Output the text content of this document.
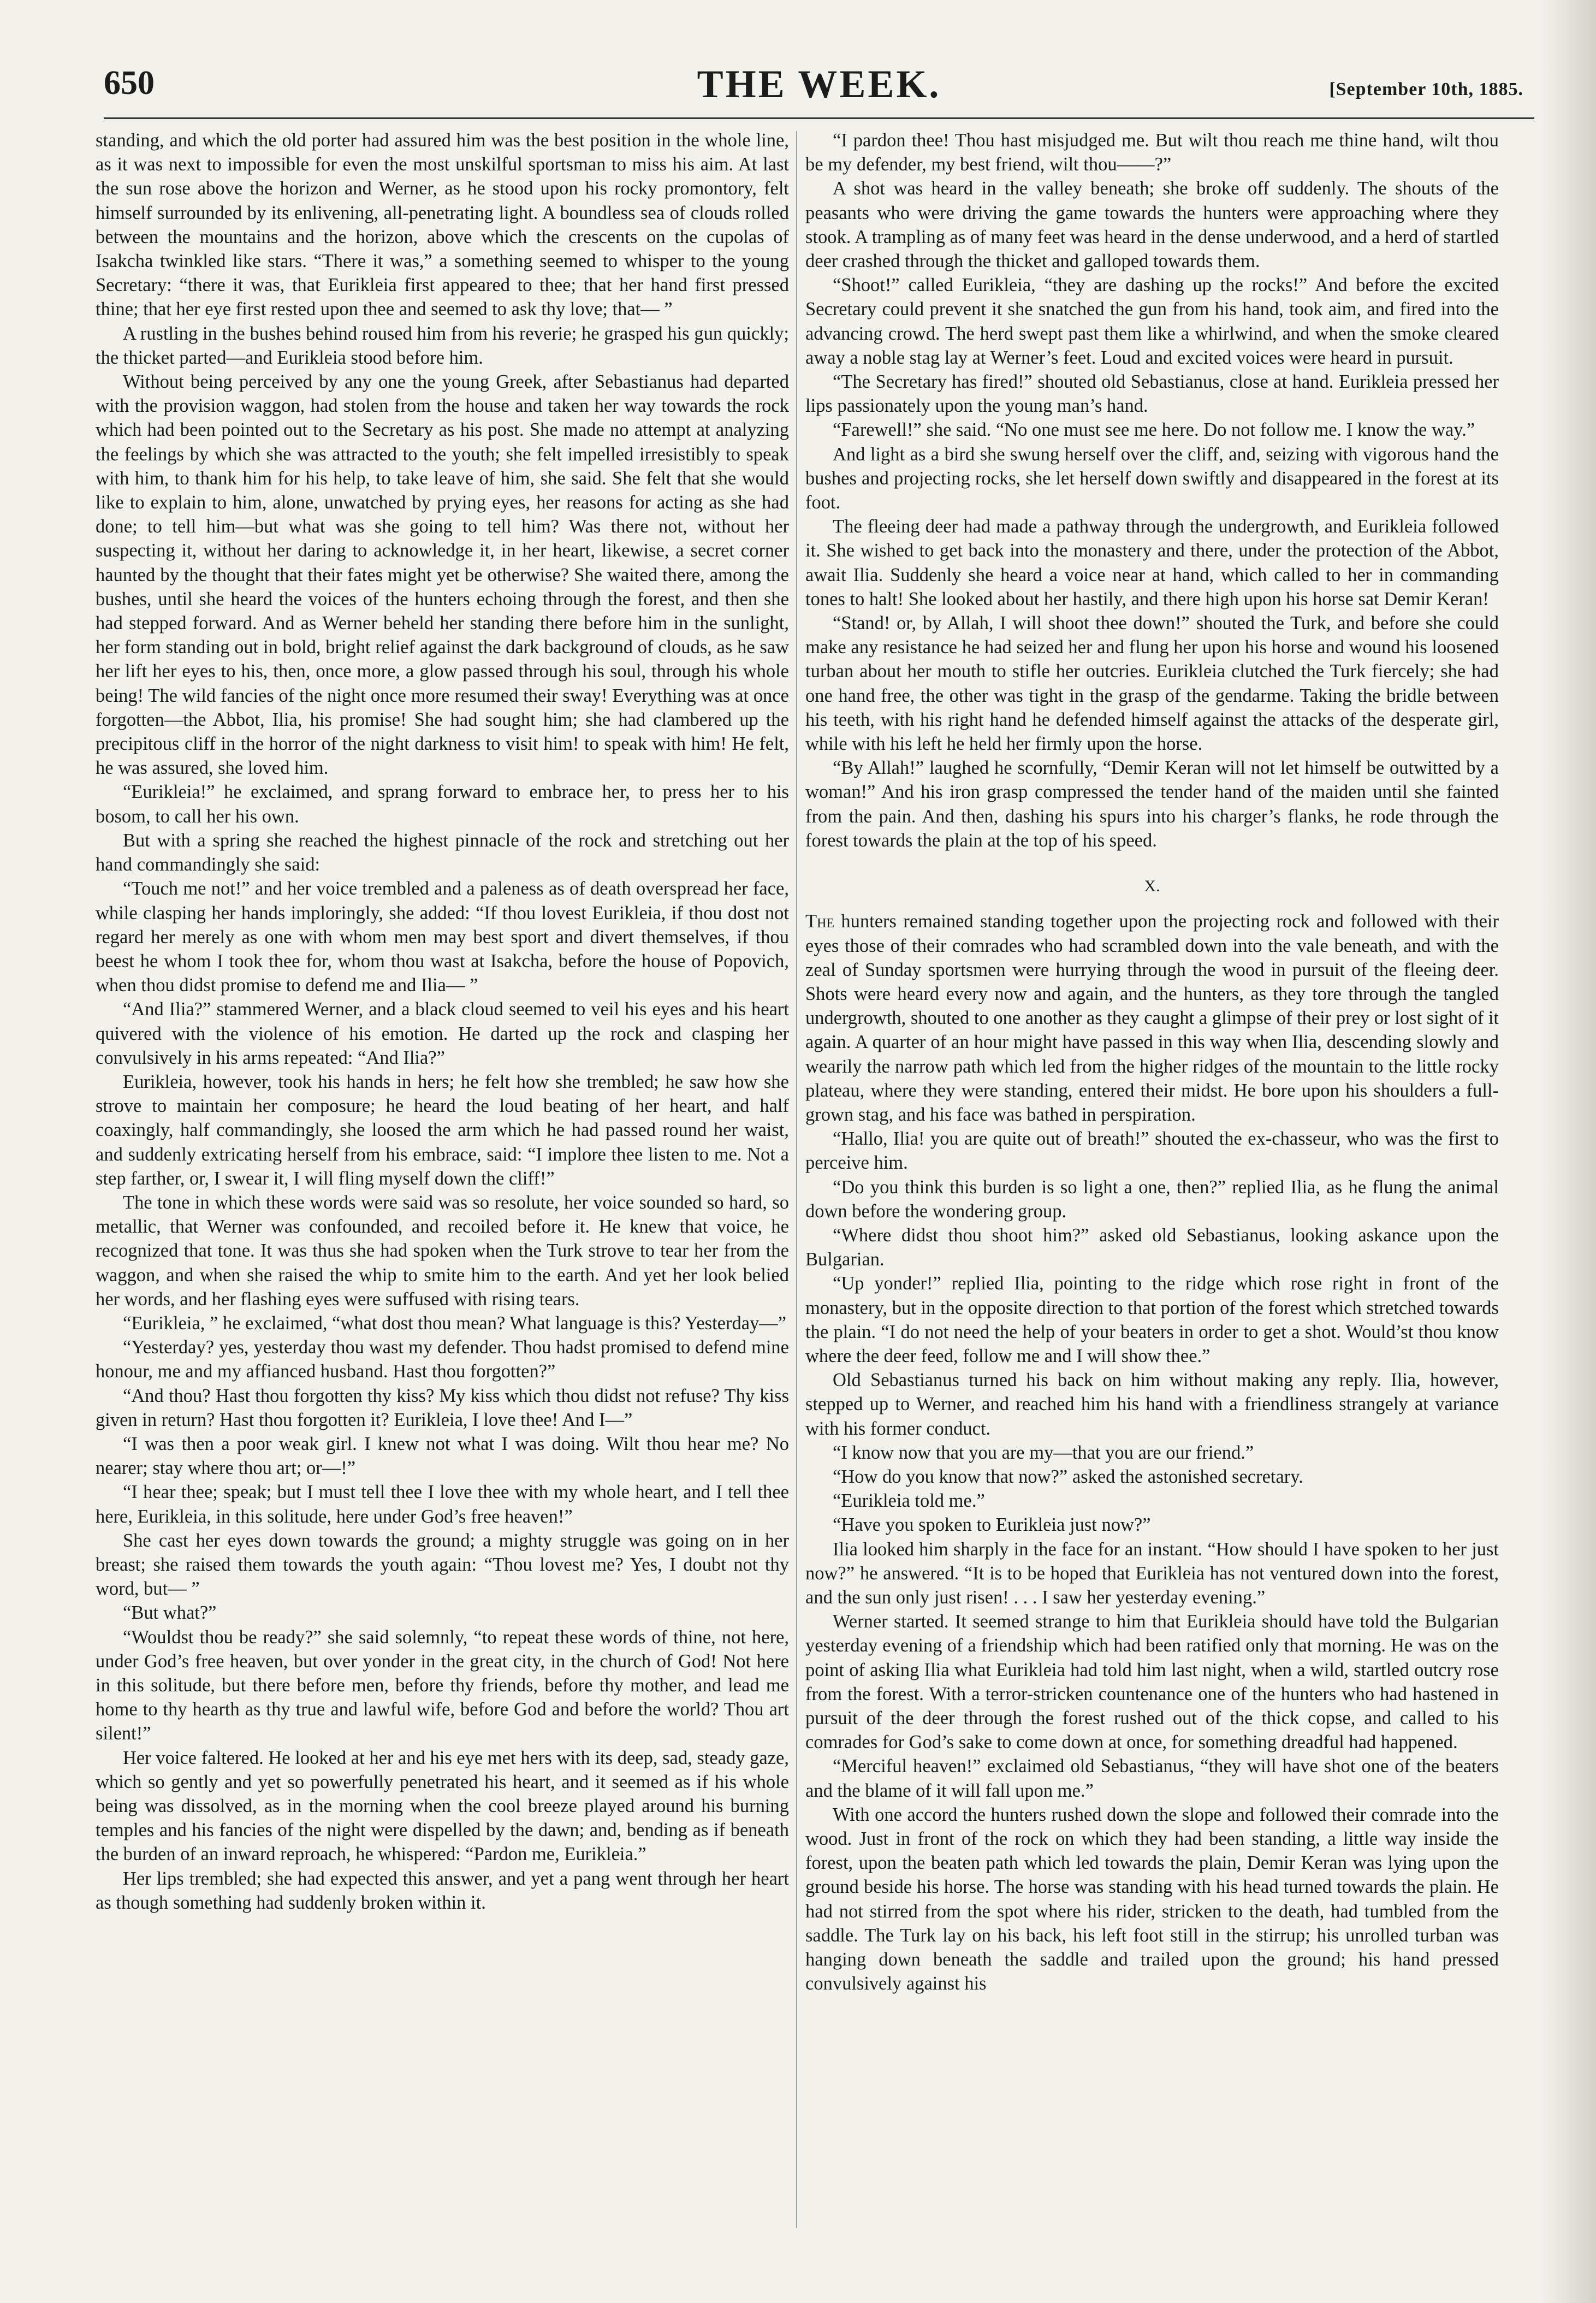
650	THE WEEK.	[September 10th, 1885.

standing, and which the old porter had assured him was the best position in the whole line, as it was next to impossible for even the most unskilful sportsman to miss his aim. At last the sun rose above the horizon and Werner, as he stood upon his rocky promontory, felt himself surrounded by its enlivening, all-penetrating light. A boundless sea of clouds rolled between the mountains and the horizon, above which the crescents on the cupolas of Isakcha twinkled like stars. “There it was,” a something seemed to whisper to the young Secretary: “there it was, that Eurikleia first appeared to thee; that her hand first pressed thine; that her eye first rested upon thee and seemed to ask thy love; that— ”

A rustling in the bushes behind roused him from his reverie; he grasped his gun quickly; the thicket parted—and Eurikleia stood before him.

Without being perceived by any one the young Greek, after Sebastianus had departed with the provision waggon, had stolen from the house and taken her way towards the rock which had been pointed out to the Secretary as his post. She made no attempt at analyzing the feelings by which she was attracted to the youth; she felt impelled irresistibly to speak with him, to thank him for his help, to take leave of him, she said. She felt that she would like to explain to him, alone, unwatched by prying eyes, her reasons for acting as she had done; to tell him—but what was she going to tell him? Was there not, without her suspecting it, without her daring to acknowledge it, in her heart, likewise, a secret corner haunted by the thought that their fates might yet be otherwise? She waited there, among the bushes, until she heard the voices of the hunters echoing through the forest, and then she had stepped forward. And as Werner beheld her standing there before him in the sunlight, her form standing out in bold, bright relief against the dark background of clouds, as he saw her lift her eyes to his, then, once more, a glow passed through his soul, through his whole being! The wild fancies of the night once more resumed their sway! Everything was at once forgotten—the Abbot, Ilia, his promise! She had sought him; she had clambered up the precipitous cliff in the horror of the night darkness to visit him! to speak with him! He felt, he was assured, she loved him.

“Eurikleia!” he exclaimed, and sprang forward to embrace her, to press her to his bosom, to call her his own.

But with a spring she reached the highest pinnacle of the rock and stretching out her hand commandingly she said:

“Touch me not!” and her voice trembled and a paleness as of death overspread her face, while clasping her hands imploringly, she added: “If thou lovest Eurikleia, if thou dost not regard her merely as one with whom men may best sport and divert themselves, if thou beest he whom I took thee for, whom thou wast at Isakcha, before the house of Popovich, when thou didst promise to defend me and Ilia— ”

“And Ilia?” stammered Werner, and a black cloud seemed to veil his eyes and his heart quivered with the violence of his emotion. He darted up the rock and clasping her convulsively in his arms repeated: “And Ilia?”

Eurikleia, however, took his hands in hers; he felt how she trembled; he saw how she strove to maintain her composure; he heard the loud beating of her heart, and half coaxingly, half commandingly, she loosed the arm which he had passed round her waist, and suddenly extricating herself from his embrace, said: “I implore thee listen to me. Not a step farther, or, I swear it, I will fling myself down the cliff!”

The tone in which these words were said was so resolute, her voice sounded so hard, so metallic, that Werner was confounded, and recoiled before it. He knew that voice, he recognized that tone. It was thus she had spoken when the Turk strove to tear her from the waggon, and when she raised the whip to smite him to the earth. And yet her look belied her words, and her flashing eyes were suffused with rising tears.

“Eurikleia, ” he exclaimed, “what dost thou mean? What language is this? Yesterday—”

“Yesterday? yes, yesterday thou wast my defender. Thou hadst promised to defend mine honour, me and my affianced husband. Hast thou forgotten?”

“And thou? Hast thou forgotten thy kiss? My kiss which thou didst not refuse? Thy kiss given in return? Hast thou forgotten it? Eurikleia, I love thee! And I—”

“I was then a poor weak girl. I knew not what I was doing. Wilt thou hear me? No nearer; stay where thou art; or—!”

“I hear thee; speak; but I must tell thee I love thee with my whole heart, and I tell thee here, Eurikleia, in this solitude, here under God’s free heaven!”

She cast her eyes down towards the ground; a mighty struggle was going on in her breast; she raised them towards the youth again: “Thou lovest me? Yes, I doubt not thy word, but— ”

“But what?”

“Wouldst thou be ready?” she said solemnly, “to repeat these words of thine, not here, under God’s free heaven, but over yonder in the great city, in the church of God! Not here in this solitude, but there before men, before thy friends, before thy mother, and lead me home to thy hearth as thy true and lawful wife, before God and before the world? Thou art silent!”

Her voice faltered. He looked at her and his eye met hers with its deep, sad, steady gaze, which so gently and yet so powerfully penetrated his heart, and it seemed as if his whole being was dissolved, as in the morning when the cool breeze played around his burning temples and his fancies of the night were dispelled by the dawn; and, bending as if beneath the burden of an inward reproach, he whispered: “Pardon me, Eurikleia.”

Her lips trembled; she had expected this answer, and yet a pang went through her heart as though something had suddenly broken within it.

“I pardon thee! Thou hast misjudged me. But wilt thou reach me thine hand, wilt thou be my defender, my best friend, wilt thou——?”

A shot was heard in the valley beneath; she broke off suddenly. The shouts of the peasants who were driving the game towards the hunters were approaching where they stook. A trampling as of many feet was heard in the dense underwood, and a herd of startled deer crashed through the thicket and galloped towards them.

“Shoot!” called Eurikleia, “they are dashing up the rocks!” And before the excited Secretary could prevent it she snatched the gun from his hand, took aim, and fired into the advancing crowd. The herd swept past them like a whirlwind, and when the smoke cleared away a noble stag lay at Werner’s feet. Loud and excited voices were heard in pursuit.

“The Secretary has fired!” shouted old Sebastianus, close at hand. Eurikleia pressed her lips passionately upon the young man’s hand.

“Farewell!” she said. “No one must see me here. Do not follow me. I know the way.”

And light as a bird she swung herself over the cliff, and, seizing with vigorous hand the bushes and projecting rocks, she let herself down swiftly and disappeared in the forest at its foot.

The fleeing deer had made a pathway through the undergrowth, and Eurikleia followed it. She wished to get back into the monastery and there, under the protection of the Abbot, await Ilia. Suddenly she heard a voice near at hand, which called to her in commanding tones to halt! She looked about her hastily, and there high upon his horse sat Demir Keran!

“Stand! or, by Allah, I will shoot thee down!” shouted the Turk, and before she could make any resistance he had seized her and flung her upon his horse and wound his loosened turban about her mouth to stifle her outcries. Eurikleia clutched the Turk fiercely; she had one hand free, the other was tight in the grasp of the gendarme. Taking the bridle between his teeth, with his right hand he defended himself against the attacks of the desperate girl, while with his left he held her firmly upon the horse.

“By Allah!” laughed he scornfully, “Demir Keran will not let himself be outwitted by a woman!” And his iron grasp compressed the tender hand of the maiden until she fainted from the pain. And then, dashing his spurs into his charger’s flanks, he rode through the forest towards the plain at the top of his speed.

X.

The hunters remained standing together upon the projecting rock and followed with their eyes those of their comrades who had scrambled down into the vale beneath, and with the zeal of Sunday sportsmen were hurrying through the wood in pursuit of the fleeing deer. Shots were heard every now and again, and the hunters, as they tore through the tangled undergrowth, shouted to one another as they caught a glimpse of their prey or lost sight of it again. A quarter of an hour might have passed in this way when Ilia, descending slowly and wearily the narrow path which led from the higher ridges of the mountain to the little rocky plateau, where they were standing, entered their midst. He bore upon his shoulders a full-grown stag, and his face was bathed in perspiration.

“Hallo, Ilia! you are quite out of breath!” shouted the ex-chasseur, who was the first to perceive him.

“Do you think this burden is so light a one, then?” replied Ilia, as he flung the animal down before the wondering group.

“Where didst thou shoot him?” asked old Sebastianus, looking askance upon the Bulgarian.

“Up yonder!” replied Ilia, pointing to the ridge which rose right in front of the monastery, but in the opposite direction to that portion of the forest which stretched towards the plain. “I do not need the help of your beaters in order to get a shot. Would’st thou know where the deer feed, follow me and I will show thee.”

Old Sebastianus turned his back on him without making any reply. Ilia, however, stepped up to Werner, and reached him his hand with a friendliness strangely at variance with his former conduct.

“I know now that you are my—that you are our friend.”

“How do you know that now?” asked the astonished secretary.

“Eurikleia told me.”

“Have you spoken to Eurikleia just now?”

Ilia looked him sharply in the face for an instant. “How should I have spoken to her just now?” he answered. “It is to be hoped that Eurikleia has not ventured down into the forest, and the sun only just risen! . . . I saw her yesterday evening.”

Werner started. It seemed strange to him that Eurikleia should have told the Bulgarian yesterday evening of a friendship which had been ratified only that morning. He was on the point of asking Ilia what Eurikleia had told him last night, when a wild, startled outcry rose from the forest. With a terror-stricken countenance one of the hunters who had hastened in pursuit of the deer through the forest rushed out of the thick copse, and called to his comrades for God’s sake to come down at once, for something dreadful had happened.

“Merciful heaven!” exclaimed old Sebastianus, “they will have shot one of the beaters and the blame of it will fall upon me.”

With one accord the hunters rushed down the slope and followed their comrade into the wood. Just in front of the rock on which they had been standing, a little way inside the forest, upon the beaten path which led towards the plain, Demir Keran was lying upon the ground beside his horse. The horse was standing with his head turned towards the plain. He had not stirred from the spot where his rider, stricken to the death, had tumbled from the saddle. The Turk lay on his back, his left foot still in the stirrup; his unrolled turban was hanging down beneath the saddle and trailed upon the ground; his hand pressed convulsively against his
